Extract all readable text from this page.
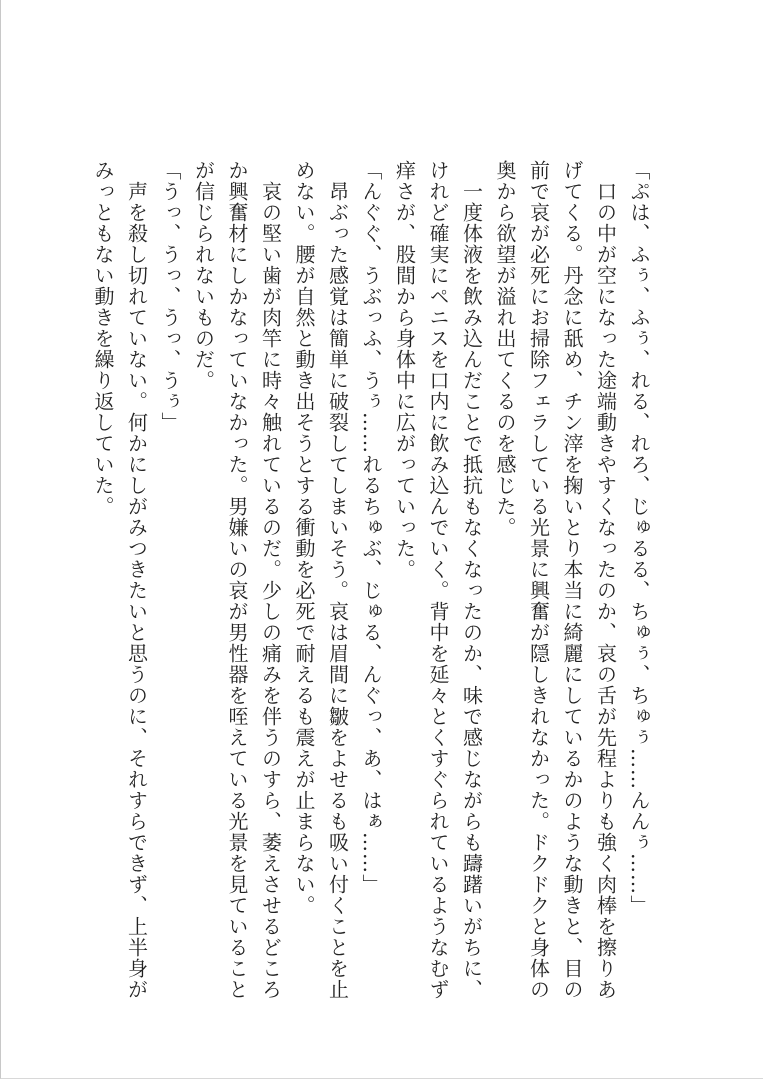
「ぷは、ふぅ、ふぅ、れる、れろ、じゅるる、ちゅぅ、ちゅぅ……んんぅ……」
　口の中が空になった途端動きやすくなったのか、哀の舌が先程よりも強く肉棒を擦りあ
げてくる。丹念に舐め、チン滓を掬いとり本当に綺麗にしているかのような動きと、目の
前で哀が必死にお掃除フェラしている光景に興奮が隠しきれなかった。ドクドクと身体の
奥から欲望が溢れ出てくるのを感じた。
　一度体液を飲み込んだことで抵抗もなくなったのか、味で感じながらも躊躇いがちに、
けれど確実にペニスを口内に飲み込んでいく。背中を延々とくすぐられているようなむず
痒さが、股間から身体中に広がっていった。
「んぐぐ、うぶっふ、うぅ……れるちゅぶ、じゅる、んぐっ、あ、はぁ……」
　昂ぶった感覚は簡単に破裂してしまいそう。哀は眉間に皺をよせるも吸い付くことを止
めない。腰が自然と動き出そうとする衝動を必死で耐えるも震えが止まらない。
　哀の堅い歯が肉竿に時々触れているのだ。少しの痛みを伴うのすら、萎えさせるどころ
か興奮材にしかなっていなかった。男嫌いの哀が男性器を咥えている光景を見ていること
が信じられないものだ。
「うっ、うっ、うっ、うぅ」
　声を殺し切れていない。何かにしがみつきたいと思うのに、それすらできず、上半身が
みっともない動きを繰り返していた。
